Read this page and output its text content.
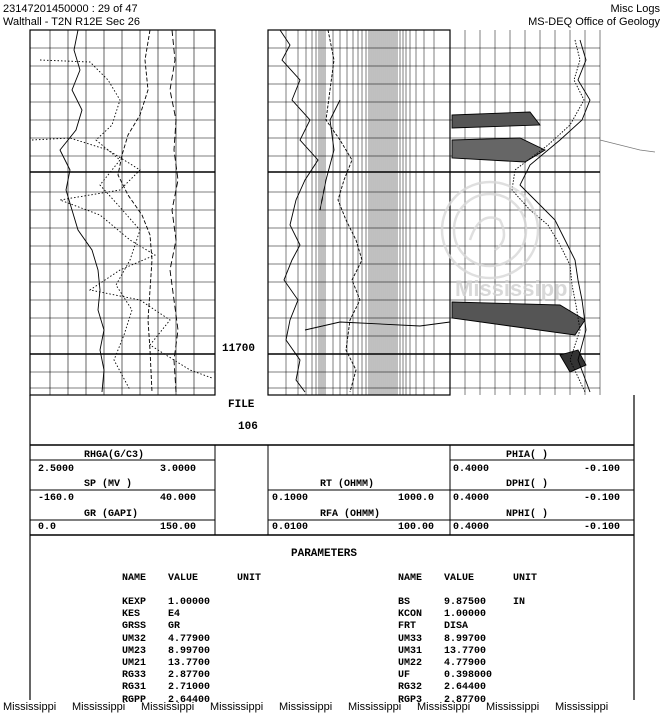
23147201450000 : 29 of 47
Walthall - T2N R12E Sec 26
Misc Logs
MS-DEQ Office of Geology
Mississippi
11700
FILE
106
RHGA(G/C3)
2.5000	3.0000
SP (MV )
-160.0	40.000
GR (GAPI)
0.0	150.00
RT (OHMM)
0.1000	1000.0
RFA (OHMM)
0.0100	100.00
PHIA( )
0.4000	-0.100
DPHI( )
0.4000	-0.100
NPHI( )
0.4000	-0.100
PARAMETERS
NAME VALUE	UNIT	NAME VALUE	UNIT
KEXP 1.00000
KES	E4
GRSS GR
UM32 4.77900
UM23 8.99700
UM21 13.7700
RG33 2.87700
RG31 2.71000
RGPP 2.64400
BS	9.87500	IN
KCON 1.00000
FRT	DISA
UM33 8.99700
UM31 13.7700
UM22 4.77900
UF	0.398000
RG32 2.64400
RGP3 2.87700
Mississippi Mississippi Mississippi Mississippi Mississippi Mississippi Mississippi Mississippi Mississippi
